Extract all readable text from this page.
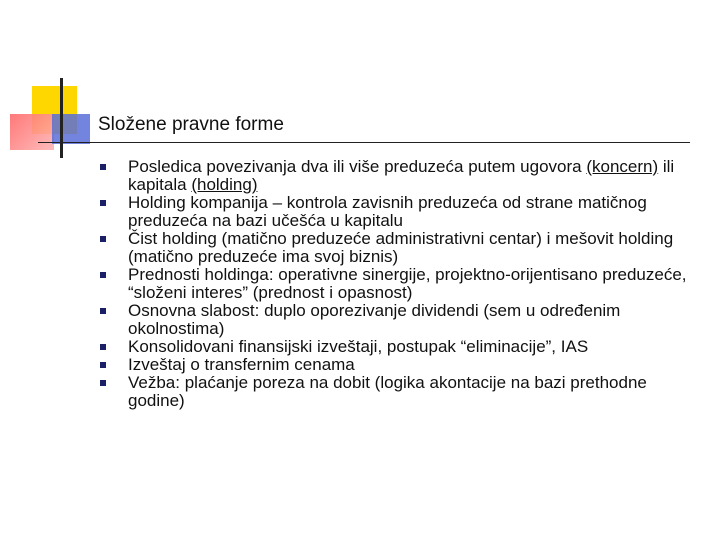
Složene pravne forme
Posledica povezivanja dva ili više preduzeća putem ugovora (koncern) ili kapitala (holding)
Holding kompanija – kontrola zavisnih preduzeća od strane matičnog preduzeća na bazi učešća u kapitalu
Čist holding (matično preduzeće administrativni centar) i mešovit holding (matično preduzeće ima svoj biznis)
Prednosti holdinga: operativne sinergije, projektno-orijentisano preduzeće, “složeni interes” (prednost i opasnost)
Osnovna slabost: duplo oporezivanje dividendi (sem u određenim okolnostima)
Konsolidovani finansijski izveštaji, postupak “eliminacije”, IAS
Izveštaj o transfernim cenama
Vežba: plaćanje poreza na dobit (logika akontacije na bazi prethodne godine)
